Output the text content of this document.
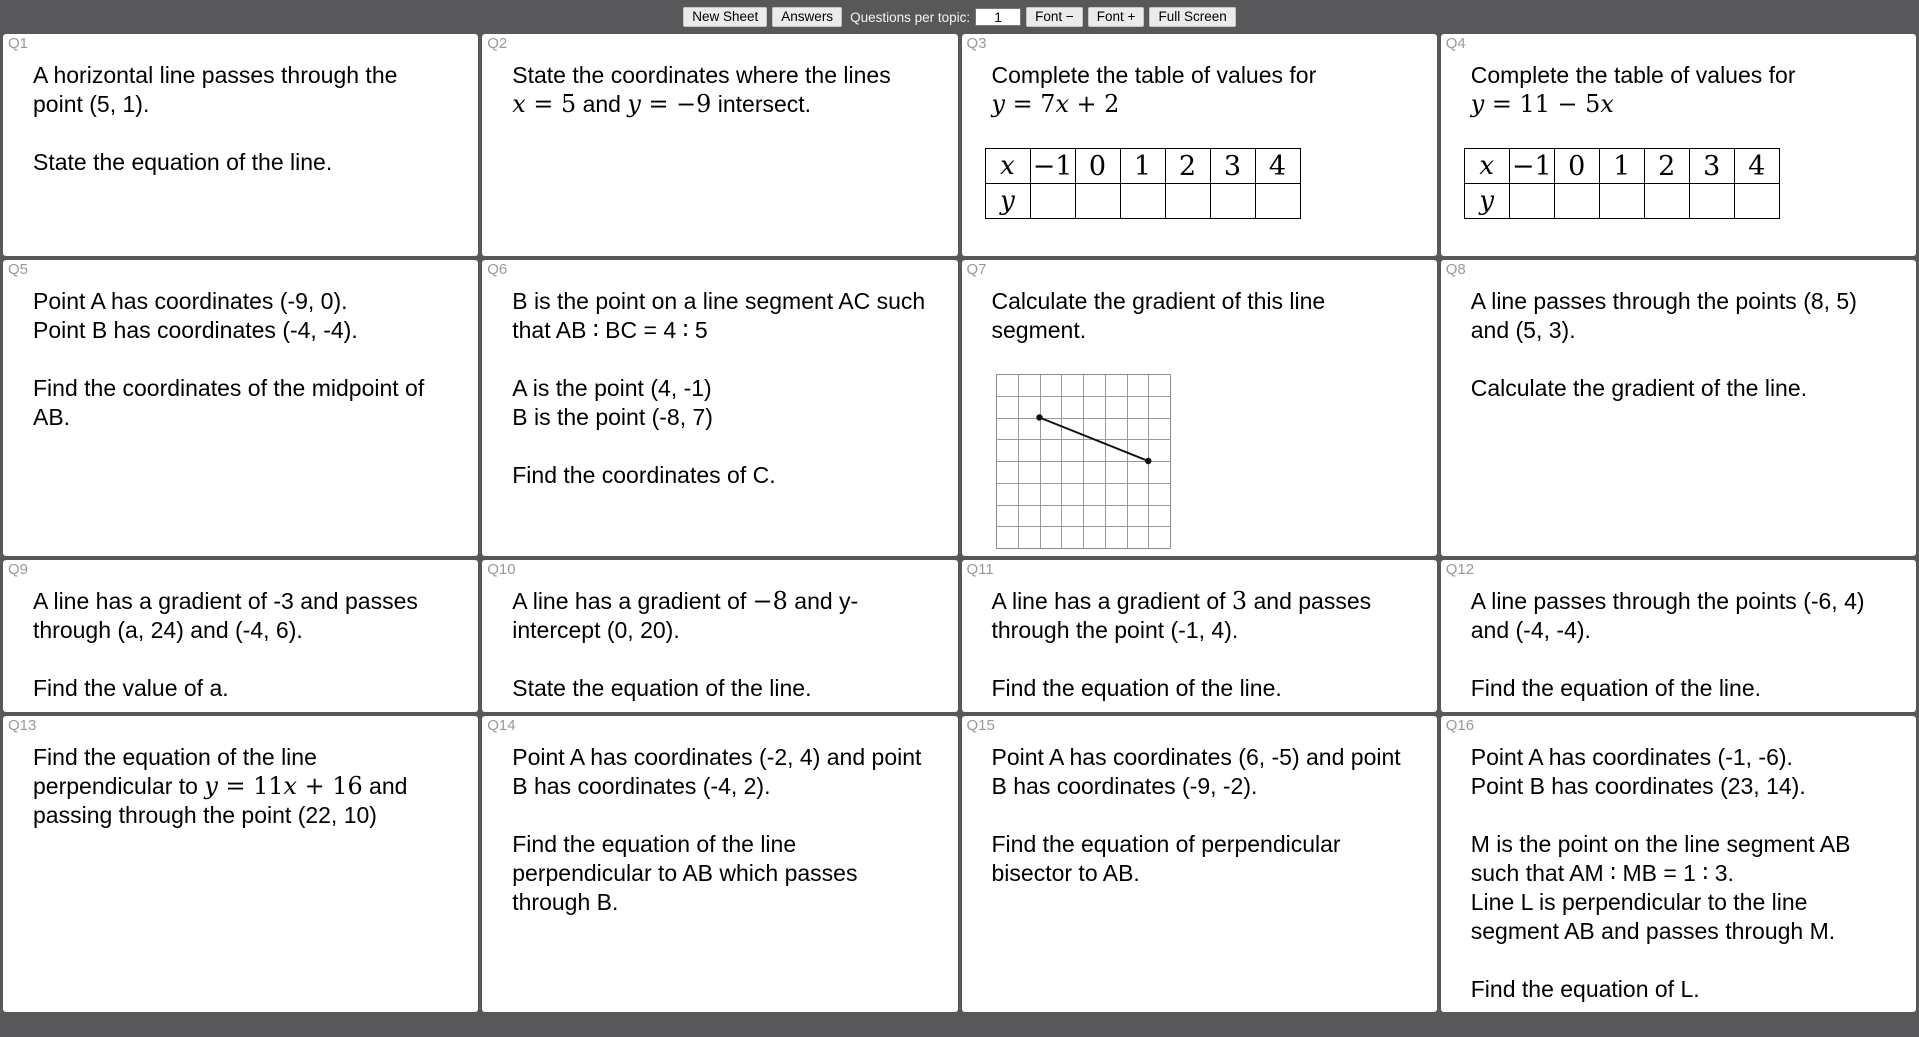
New Sheet	Answers	Questions per topic:
1	Font −	Font +	Full Screen
Q1
A horizontal line passes through the
point (5, 1).
State the equation of the line.
Q2
State the coordinates where the lines
x = 5 and y = −9 intersect.
Q3
Complete the table of values for
y = 7x + 2
x	−1	0	1	2	3	4
y						
Q4
Complete the table of values for
y = 11 − 5x
x	−1	0	1	2	3	4
y						
Q5
Point A has coordinates (-9, 0).
Point B has coordinates (-4, -4).
Find the coordinates of the midpoint of
AB.
Q6
B is the point on a line segment AC such
that AB ∶ BC = 4 ∶ 5
A is the point (4, -1)
B is the point (-8, 7)
Find the coordinates of C.
Q7
Calculate the gradient of this line
segment.
Q8
A line passes through the points (8, 5)
and (5, 3).
Calculate the gradient of the line.
Q9
A line has a gradient of -3 and passes
through (a, 24) and (-4, 6).
Find the value of a.
Q10
A line has a gradient of −8 and y-
intercept (0, 20).
State the equation of the line.
Q11
A line has a gradient of 3 and passes
through the point (-1, 4).
Find the equation of the line.
Q12
A line passes through the points (-6, 4)
and (-4, -4).
Find the equation of the line.
Q13
Find the equation of the line
perpendicular to y = 11x + 16 and
passing through the point (22, 10)
Q14
Point A has coordinates (-2, 4) and point
B has coordinates (-4, 2).
Find the equation of the line
perpendicular to AB which passes
through B.
Q15
Point A has coordinates (6, -5) and point
B has coordinates (-9, -2).
Find the equation of perpendicular
bisector to AB.
Q16
Point A has coordinates (-1, -6).
Point B has coordinates (23, 14).
M is the point on the line segment AB
such that AM ∶ MB = 1 ∶ 3.
Line L is perpendicular to the line
segment AB and passes through M.
Find the equation of L.
